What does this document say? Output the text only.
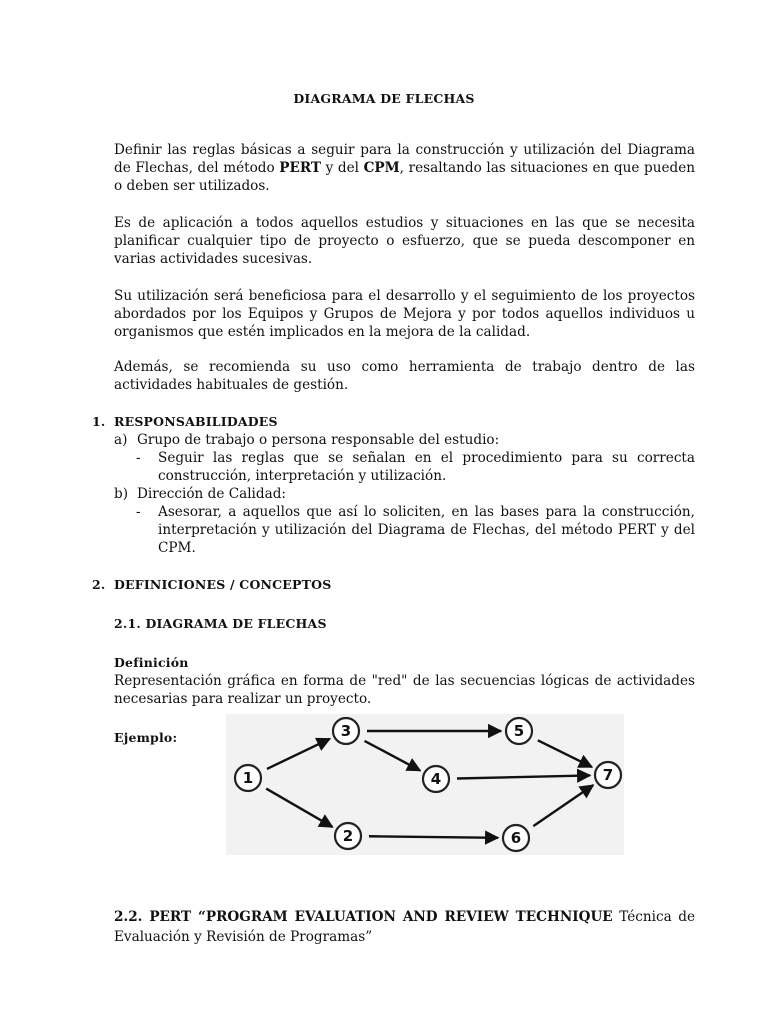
DIAGRAMA DE FLECHAS

Definir las reglas básicas a seguir para la construcción y utilización del Diagrama de Flechas, del método PERT y del CPM, resaltando las situaciones en que pueden o deben ser utilizados.

Es de aplicación a todos aquellos estudios y situaciones en las que se necesita planificar cualquier tipo de proyecto o esfuerzo, que se pueda descomponer en varias actividades sucesivas.

Su utilización será beneficiosa para el desarrollo y el seguimiento de los proyectos abordados por los Equipos y Grupos de Mejora y por todos aquellos individuos u organismos que estén implicados en la mejora de la calidad.

Además, se recomienda su uso como herramienta de trabajo dentro de las actividades habituales de gestión.

1. RESPONSABILIDADES
a) Grupo de trabajo o persona responsable del estudio:
- Seguir las reglas que se señalan en el procedimiento para su correcta construcción, interpretación y utilización.

b) Dirección de Calidad:
- Asesorar, a aquellos que así lo soliciten, en las bases para la construcción, interpretación y utilización del Diagrama de Flechas, del método PERT y del CPM.

2. DEFINICIONES / CONCEPTOS
2.1. DIAGRAMA DE FLECHAS
Definición

Representación gráfica en forma de "red" de las secuencias lógicas de actividades necesarias para realizar un proyecto.

Ejemplo:
1
2
3
4
5
6
7

2.2. PERT “PROGRAM EVALUATION AND REVIEW TECHNIQUE Técnica de Evaluación y Revisión de Programas”
